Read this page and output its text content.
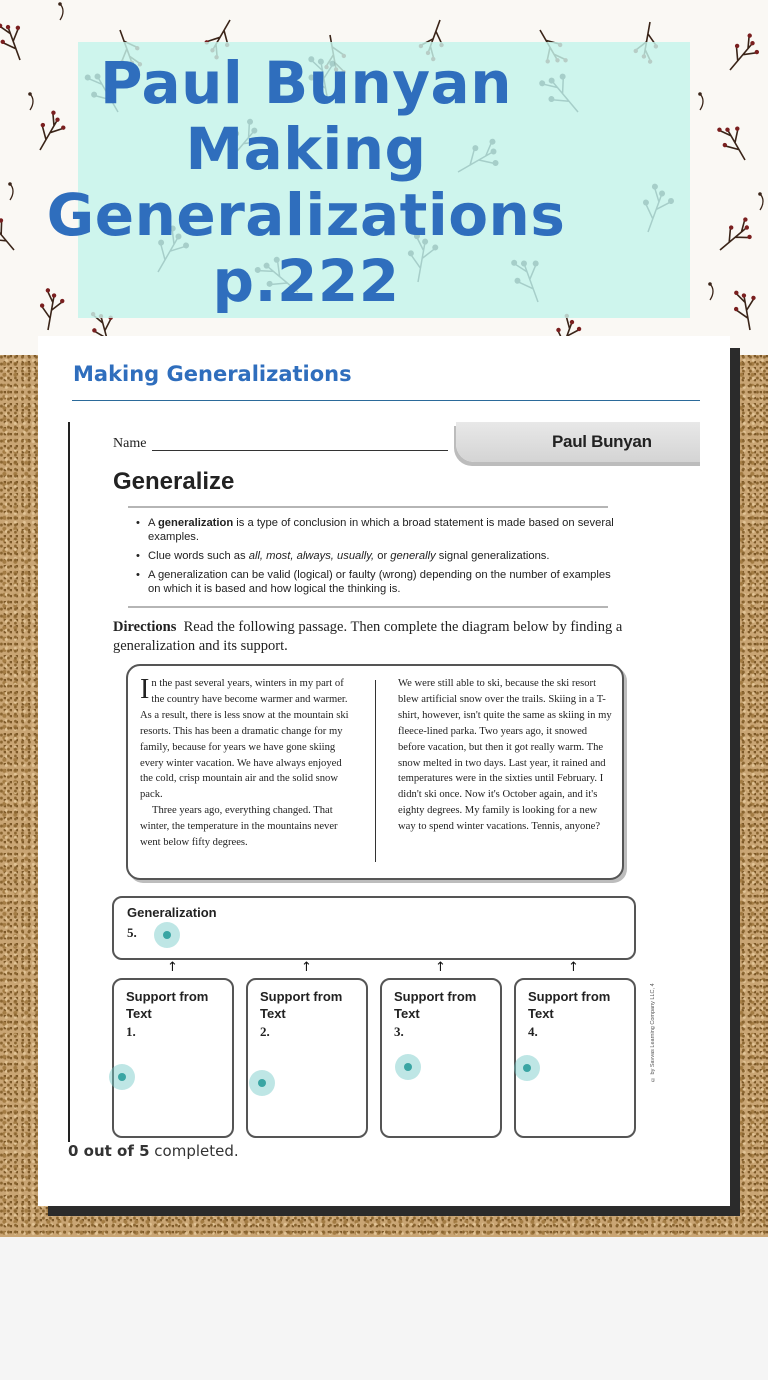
Paul Bunyan
Making
Generalizations
p.222
Making Generalizations
Name	Paul Bunyan
Generalize
• A generalization is a type of conclusion in which a broad statement is made based on several examples.
• Clue words such as all, most, always, usually, or generally signal generalizations.
• A generalization can be valid (logical) or faulty (wrong) depending on the number of examples on which it is based and how logical the thinking is.
Directions Read the following passage. Then complete the diagram below by finding a generalization and its support.
In the past several years, winters in my part of the country have become warmer and warmer. As a result, there is less snow at the mountain ski resorts. This has been a dramatic change for my family, because for years we have gone skiing every winter vacation. We have always enjoyed the cold, crisp mountain air and the solid snow pack.
Three years ago, everything changed. That winter, the temperature in the mountains never went below fifty degrees.
We were still able to ski, because the ski resort blew artificial snow over the trails. Skiing in a T-shirt, however, isn't quite the same as skiing in my fleece-lined parka. Two years ago, it snowed before vacation, but then it got really warm. The snow melted in two days. Last year, it rained and temperatures were in the sixties until February. I didn't ski once. Now it's October again, and it's eighty degrees. My family is looking for a new way to spend winter vacations. Tennis, anyone?
Generalization
5.
↑	↑	↑	↑
Support from Text
1.
Support from Text
2.
Support from Text
3.
Support from Text
4.	© by Savvas Learning Company LLC, 4
0 out of 5 completed.
